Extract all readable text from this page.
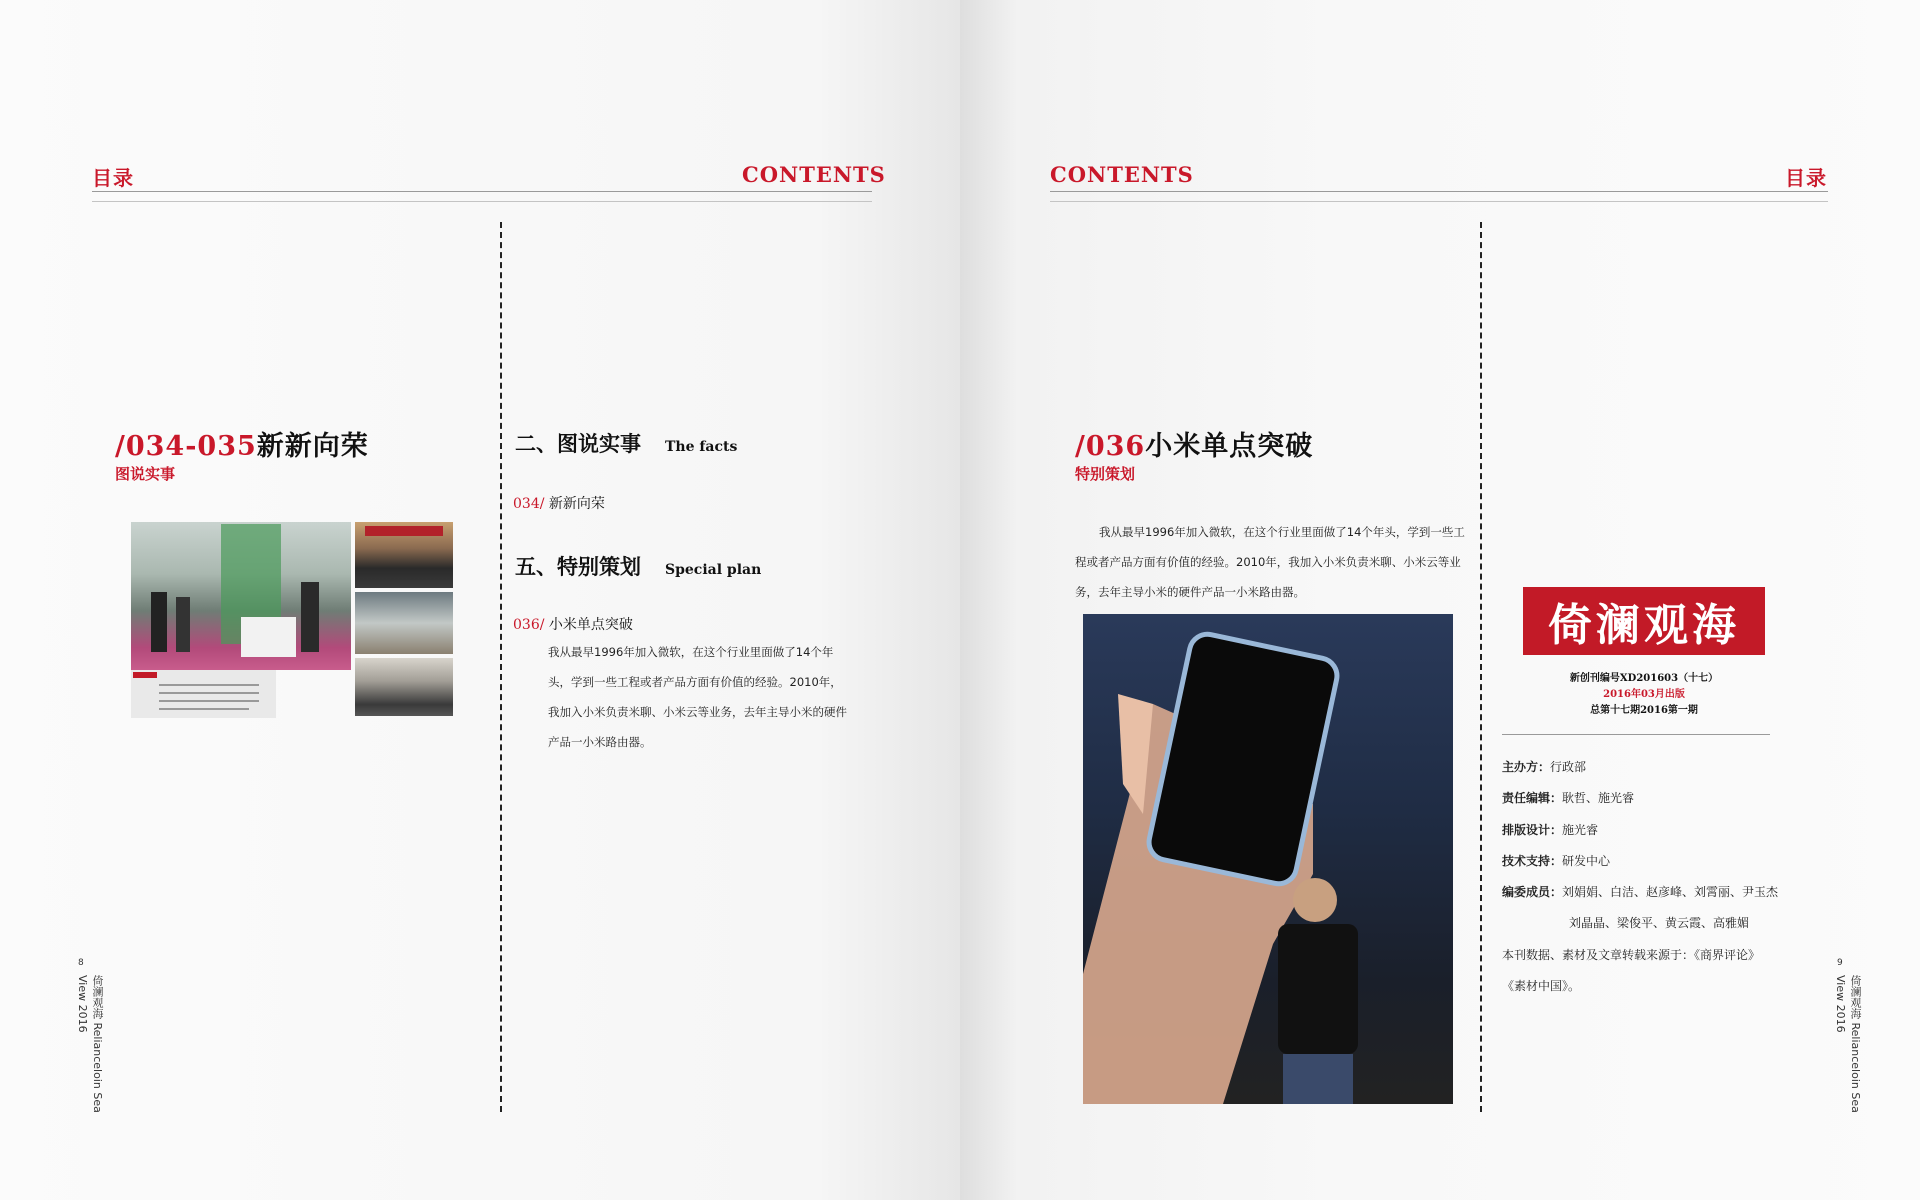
目录	CONTENTS
/034-035新新向荣
图说实事
二、图说实事 The facts
034/ 新新向荣
五、特别策划 Special plan
036/ 小米单点突破
我从最早1996年加入微软，在这个行业里面做了14个年头，学到一些工程或者产品方面有价值的经验。2010年，我加入小米负责米聊、小米云等业务，去年主导小米的硬件产品一小米路由器。
8
倚澜观海 Relianceloin Sea View 2016
CONTENTS	目录
/036小米单点突破
特别策划
我从最早1996年加入微软，在这个行业里面做了14个年头，学到一些工程或者产品方面有价值的经验。2010年，我加入小米负责米聊、小米云等业务，去年主导小米的硬件产品一小米路由器。
倚澜观海
新创刊编号XD201603（十七）
2016年03月出版
总第十七期2016第一期
主办方：行政部
责任编辑：耿哲、施光睿
排版设计：施光睿
技术支持：研发中心
编委成员：刘娟娟、白洁、赵彦峰、刘霄丽、尹玉杰
刘晶晶、梁俊平、黄云霞、高雅媚
本刊数据、素材及文章转载来源于：《商界评论》
《素材中国》。
9
倚澜观海 Relianceloin Sea View 2016
